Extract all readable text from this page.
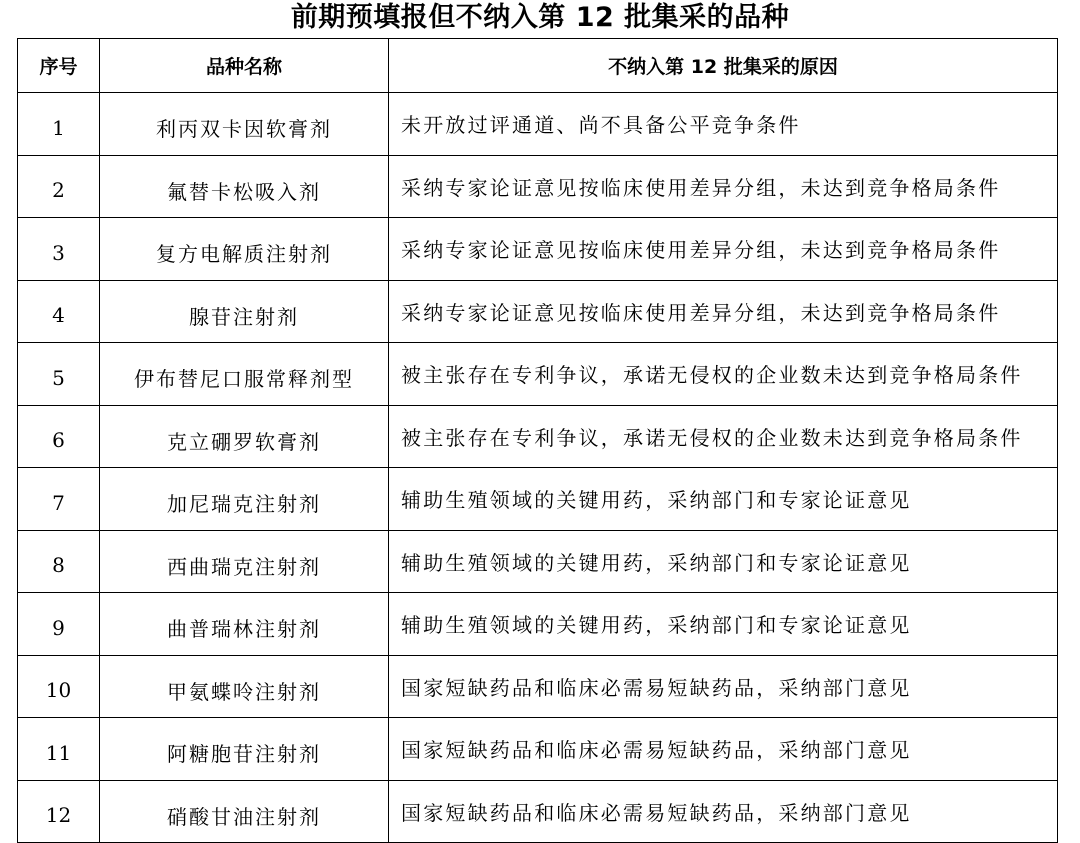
前期预填报但不纳入第 12 批集采的品种
序号	品种名称	不纳入第 12 批集采的原因
1	利丙双卡因软膏剂	未开放过评通道、尚不具备公平竞争条件
2	氟替卡松吸入剂	采纳专家论证意见按临床使用差异分组，未达到竞争格局条件
3	复方电解质注射剂	采纳专家论证意见按临床使用差异分组，未达到竞争格局条件
4	腺苷注射剂	采纳专家论证意见按临床使用差异分组，未达到竞争格局条件
5	伊布替尼口服常释剂型	被主张存在专利争议，承诺无侵权的企业数未达到竞争格局条件
6	克立硼罗软膏剂	被主张存在专利争议，承诺无侵权的企业数未达到竞争格局条件
7	加尼瑞克注射剂	辅助生殖领域的关键用药，采纳部门和专家论证意见
8	西曲瑞克注射剂	辅助生殖领域的关键用药，采纳部门和专家论证意见
9	曲普瑞林注射剂	辅助生殖领域的关键用药，采纳部门和专家论证意见
10	甲氨蝶呤注射剂	国家短缺药品和临床必需易短缺药品，采纳部门意见
11	阿糖胞苷注射剂	国家短缺药品和临床必需易短缺药品，采纳部门意见
12	硝酸甘油注射剂	国家短缺药品和临床必需易短缺药品，采纳部门意见
